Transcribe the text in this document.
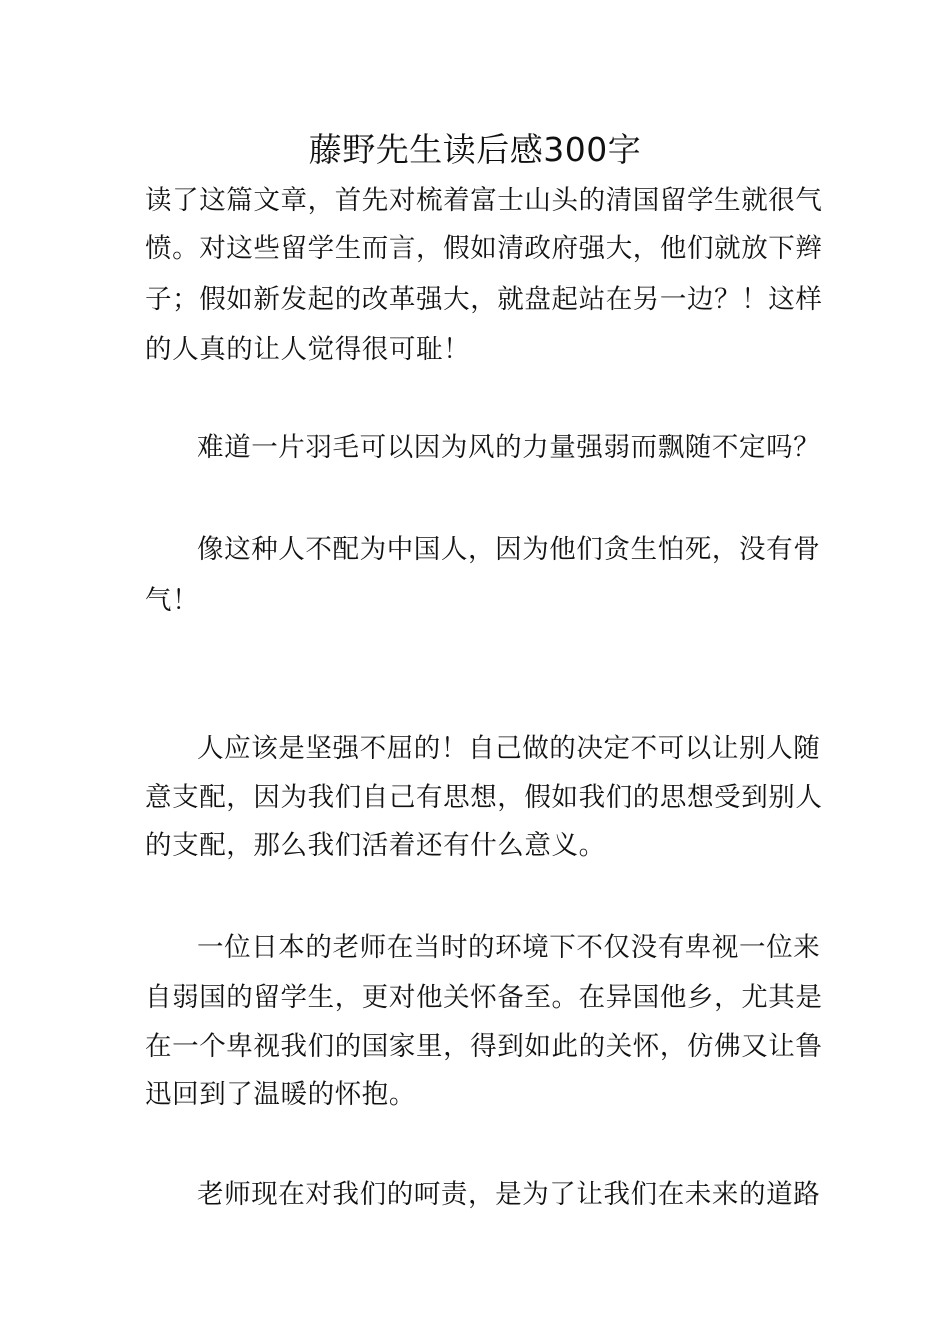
藤野先生读后感300字

读了这篇文章，首先对梳着富士山头的清国留学生就很气

愤。对这些留学生而言，假如清政府强大，他们就放下辫

子；假如新发起的改革强大，就盘起站在另一边？！这样

的人真的让人觉得很可耻！

难道一片羽毛可以因为风的力量强弱而飘随不定吗？

像这种人不配为中国人，因为他们贪生怕死，没有骨

气！

人应该是坚强不屈的！自己做的决定不可以让别人随

意支配，因为我们自己有思想，假如我们的思想受到别人

的支配，那么我们活着还有什么意义。

一位日本的老师在当时的环境下不仅没有卑视一位来

自弱国的留学生，更对他关怀备至。在异国他乡，尤其是

在一个卑视我们的国家里，得到如此的关怀，仿佛又让鲁

迅回到了温暖的怀抱。

老师现在对我们的呵责，是为了让我们在未来的道路
